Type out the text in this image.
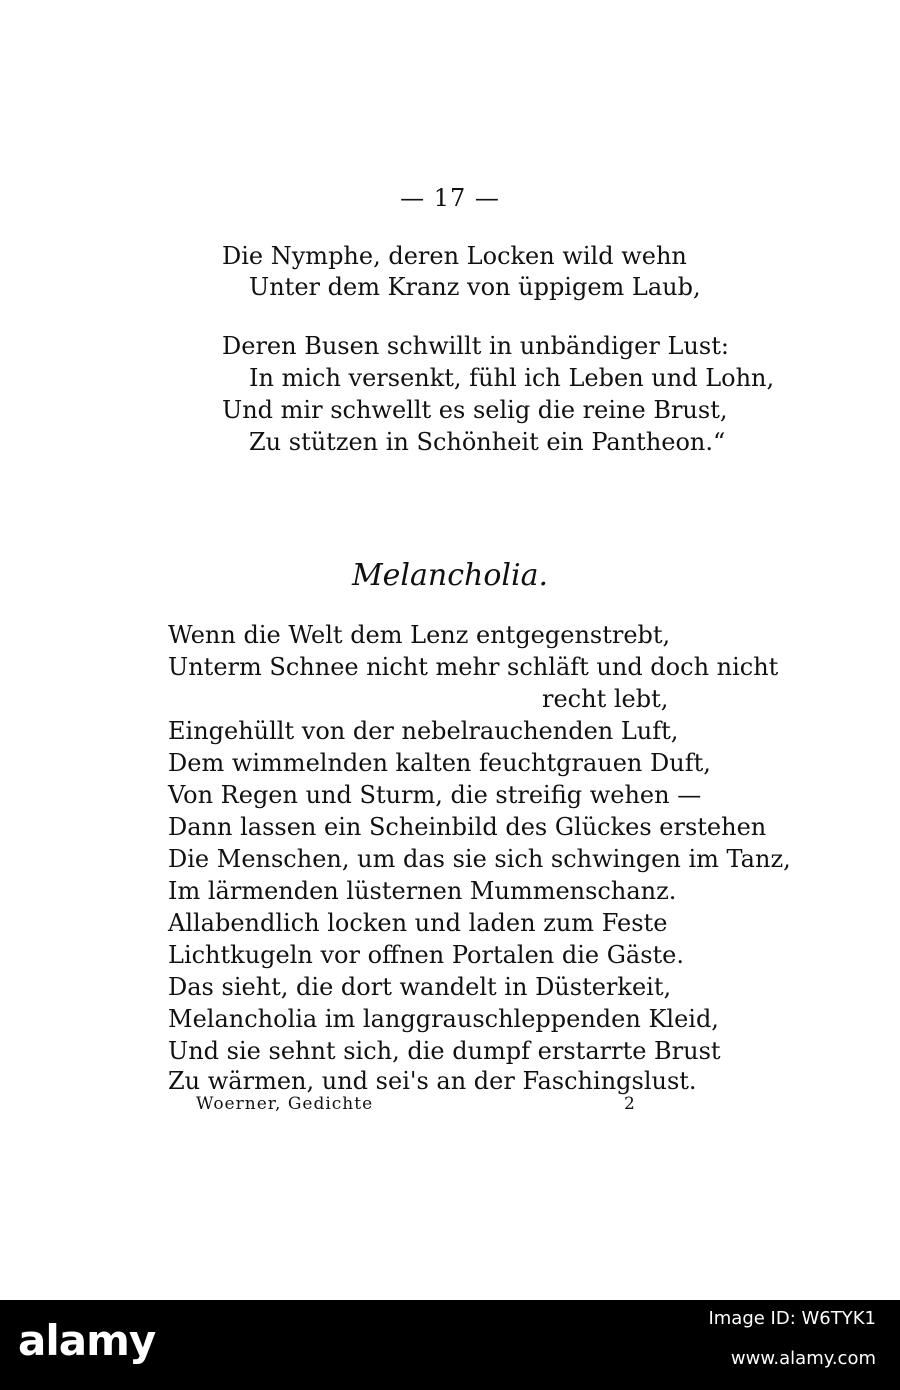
— 17 —
Die Nymphe, deren Locken wild wehn
Unter dem Kranz von üppigem Laub,
Deren Busen schwillt in unbändiger Lust:
In mich versenkt, fühl ich Leben und Lohn,
Und mir schwellt es selig die reine Brust,
Zu stützen in Schönheit ein Pantheon.“
Melancholia.
Wenn die Welt dem Lenz entgegenstrebt,
Unterm Schnee nicht mehr schläft und doch nicht
recht lebt,
Eingehüllt von der nebelrauchenden Luft,
Dem wimmelnden kalten feuchtgrauen Duft,
Von Regen und Sturm, die streifig wehen —
Dann lassen ein Scheinbild des Glückes erstehen
Die Menschen, um das sie sich schwingen im Tanz,
Im lärmenden lüsternen Mummenschanz.
Allabendlich locken und laden zum Feste
Lichtkugeln vor offnen Portalen die Gäste.
Das sieht, die dort wandelt in Düsterkeit,
Melancholia im langgrauschleppenden Kleid,
Und sie sehnt sich, die dumpf erstarrte Brust
Zu wärmen, und sei's an der Faschingslust.
Woerner, Gedichte	2
alamy	Image ID: W6TYK1
www.alamy.com
